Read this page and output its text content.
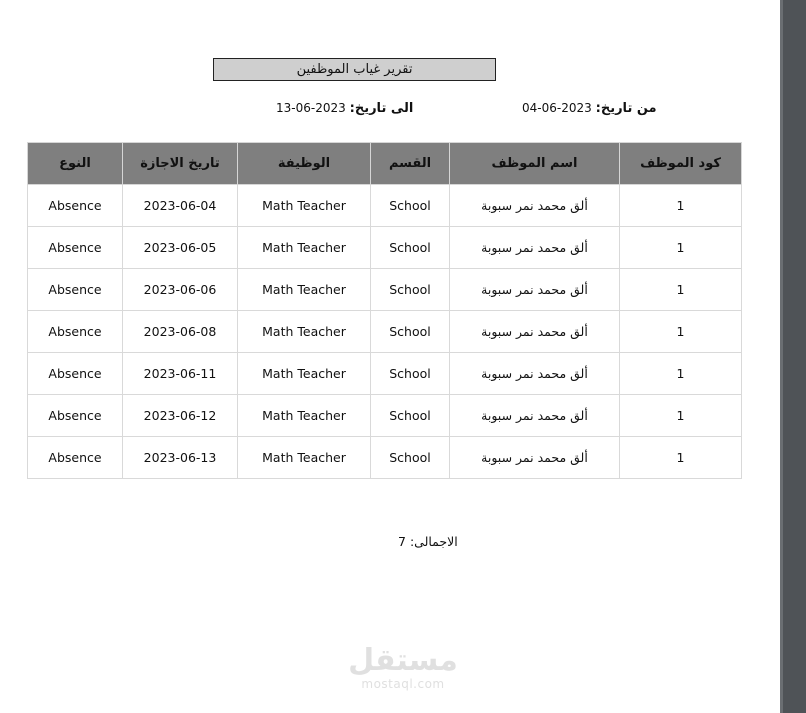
تقرير غياب الموظفين
من تاريخ: 2023-06-04
الى تاريخ: 2023-06-13
كود الموظف	اسم الموظف	القسم	الوظيفة	تاريخ الاجازة	النوع
1	ألق محمد نمر سبوبة	School	Math Teacher	2023-06-04	Absence
1	ألق محمد نمر سبوبة	School	Math Teacher	2023-06-05	Absence
1	ألق محمد نمر سبوبة	School	Math Teacher	2023-06-06	Absence
1	ألق محمد نمر سبوبة	School	Math Teacher	2023-06-08	Absence
1	ألق محمد نمر سبوبة	School	Math Teacher	2023-06-11	Absence
1	ألق محمد نمر سبوبة	School	Math Teacher	2023-06-12	Absence
1	ألق محمد نمر سبوبة	School	Math Teacher	2023-06-13	Absence
الاجمالى: 7
مستقل
mostaql.com
